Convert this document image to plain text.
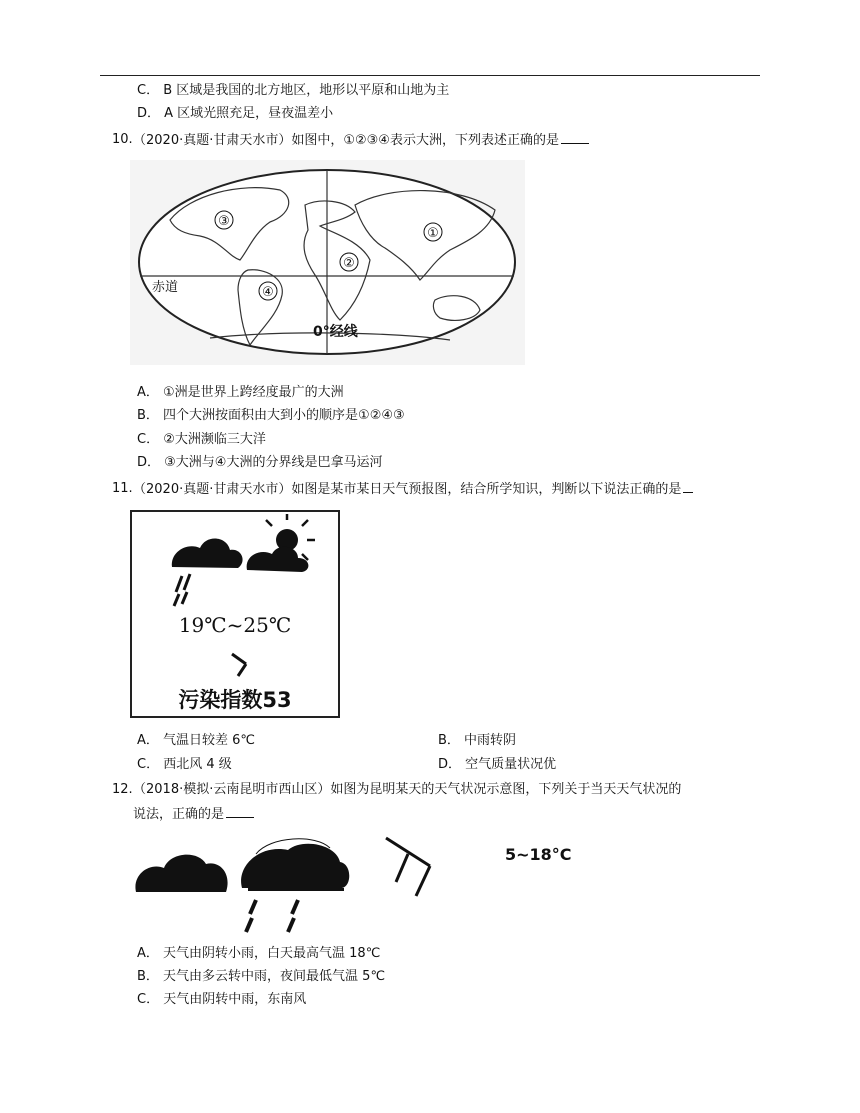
C． B 区域是我国的北方地区，地形以平原和山地为主
D． A 区域光照充足，昼夜温差小
10. （2020·真题·甘肃天水市）如图中，①②③④表示大洲，下列表述正确的是
③
①
②
④
赤道
0°经线
A． ①洲是世界上跨经度最广的大洲
B． 四个大洲按面积由大到小的顺序是①②④③
C． ②大洲濒临三大洋
D． ③大洲与④大洲的分界线是巴拿马运河
11. （2020·真题·甘肃天水市）如图是某市某日天气预报图，结合所学知识，判断以下说法正确的是
19℃~25℃
污染指数53
A． 气温日较差 6℃	B． 中雨转阴
C． 西北风 4 级	D． 空气质量状况优
12. （2018·模拟·云南昆明市西山区）如图为昆明某天的天气状况示意图，下列关于当天天气状况的
说法，正确的是
5~18°C
A． 天气由阴转小雨，白天最高气温 18℃
B． 天气由多云转中雨，夜间最低气温 5℃
C． 天气由阴转中雨，东南风
